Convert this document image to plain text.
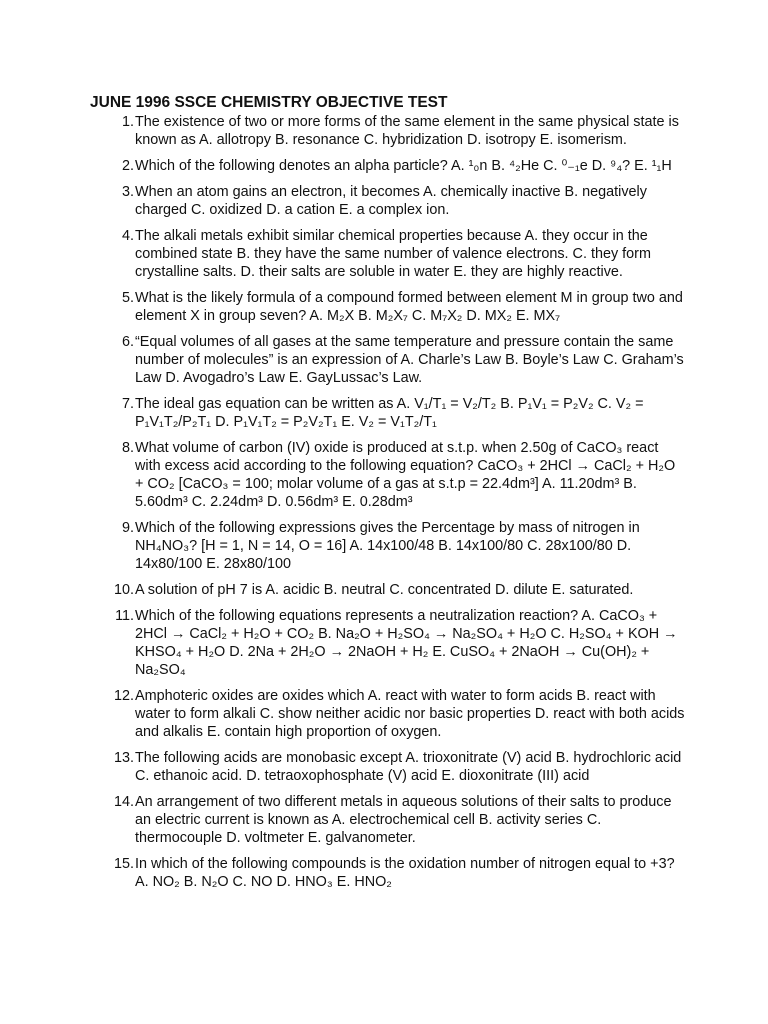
JUNE 1996 SSCE CHEMISTRY OBJECTIVE TEST
1. The existence of two or more forms of the same element in the same physical state is known as A. allotropy B. resonance C. hybridization D. isotropy E. isomerism.
2. Which of the following denotes an alpha particle? A. ¹₀n B. ⁴₂He C. ⁰₋₁e D. ⁹₄? E. ¹₁H
3. When an atom gains an electron, it becomes A. chemically inactive B. negatively charged C. oxidized D. a cation E. a complex ion.
4. The alkali metals exhibit similar chemical properties because A. they occur in the combined state B. they have the same number of valence electrons. C. they form crystalline salts. D. their salts are soluble in water E. they are highly reactive.
5. What is the likely formula of a compound formed between element M in group two and element X in group seven? A. M₂X B. M₂X₇ C. M₇X₂ D. MX₂ E. MX₇
6. “Equal volumes of all gases at the same temperature and pressure contain the same number of molecules” is an expression of A. Charle’s Law B. Boyle’s Law C. Graham’s Law D. Avogadro’s Law E. GayLussac’s Law.
7. The ideal gas equation can be written as A. V₁/T₁ = V₂/T₂ B. P₁V₁ = P₂V₂ C. V₂ = P₁V₁T₂/P₂T₁ D. P₁V₁T₂ = P₂V₂T₁ E. V₂ = V₁T₂/T₁
8. What volume of carbon (IV) oxide is produced at s.t.p. when 2.50g of CaCO₃ react with excess acid according to the following equation? CaCO₃ + 2HCl → CaCl₂ + H₂O + CO₂ [CaCO₃ = 100; molar volume of a gas at s.t.p = 22.4dm³] A. 11.20dm³ B. 5.60dm³ C. 2.24dm³ D. 0.56dm³ E. 0.28dm³
9. Which of the following expressions gives the Percentage by mass of nitrogen in NH₄NO₃? [H = 1, N = 14, O = 16] A. 14x100/48 B. 14x100/80 C. 28x100/80 D. 14x80/100 E. 28x80/100
10. A solution of pH 7 is A. acidic B. neutral C. concentrated D. dilute E. saturated.
11. Which of the following equations represents a neutralization reaction? A. CaCO₃ + 2HCl → CaCl₂ + H₂O + CO₂ B. Na₂O + H₂SO₄ → Na₂SO₄ + H₂O C. H₂SO₄ + KOH → KHSO₄ + H₂O D. 2Na + 2H₂O → 2NaOH + H₂ E. CuSO₄ + 2NaOH → Cu(OH)₂ + Na₂SO₄
12. Amphoteric oxides are oxides which A. react with water to form acids B. react with water to form alkali C. show neither acidic nor basic properties D. react with both acids and alkalis E. contain high proportion of oxygen.
13. The following acids are monobasic except A. trioxonitrate (V) acid B. hydrochloric acid C. ethanoic acid. D. tetraoxophosphate (V) acid E. dioxonitrate (III) acid
14. An arrangement of two different metals in aqueous solutions of their salts to produce an electric current is known as A. electrochemical cell B. activity series C. thermocouple D. voltmeter E. galvanometer.
15. In which of the following compounds is the oxidation number of nitrogen equal to +3? A. NO₂ B. N₂O C. NO D. HNO₃ E. HNO₂
